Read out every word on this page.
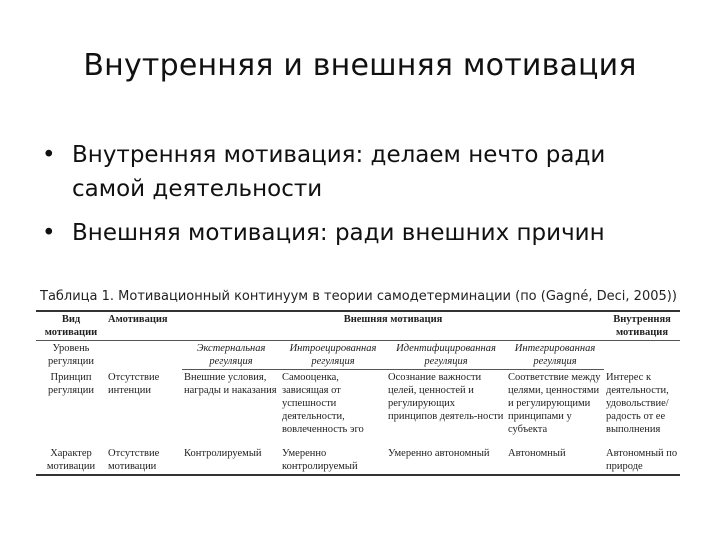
Внутренняя и внешняя мотивация
• Внутренняя мотивация: делаем нечто ради самой деятельности
• Внешняя мотивация: ради внешних причин
Таблица 1. Мотивационный континуум в теории самодетерминации (по (Gagné, Deci, 2005))
Вид мотивации	Амотивация	Внешняя мотивация				Внутренняя мотивация
Уровень регуляции		Экстернальная регуляция	Интроецированная регуляция	Идентифицированная регуляция	Интегрированная регуляция	
Принцип регуляции	Отсутствие интенции	Внешние условия, награды и наказания	Самооценка, зависящая от успешности деятельности, вовлеченность эго	Осознание важности целей, ценностей и регулирующих принципов деятель-ности	Соответствие между целями, ценностями и регулирующими принципами у субъекта	Интерес к деятельности, удовольствие/ радость от ее выполнения
Характер мотивации	Отсутствие мотивации	Контролируемый	Умеренно контролируемый	Умеренно автономный	Автономный	Автономный по природе
